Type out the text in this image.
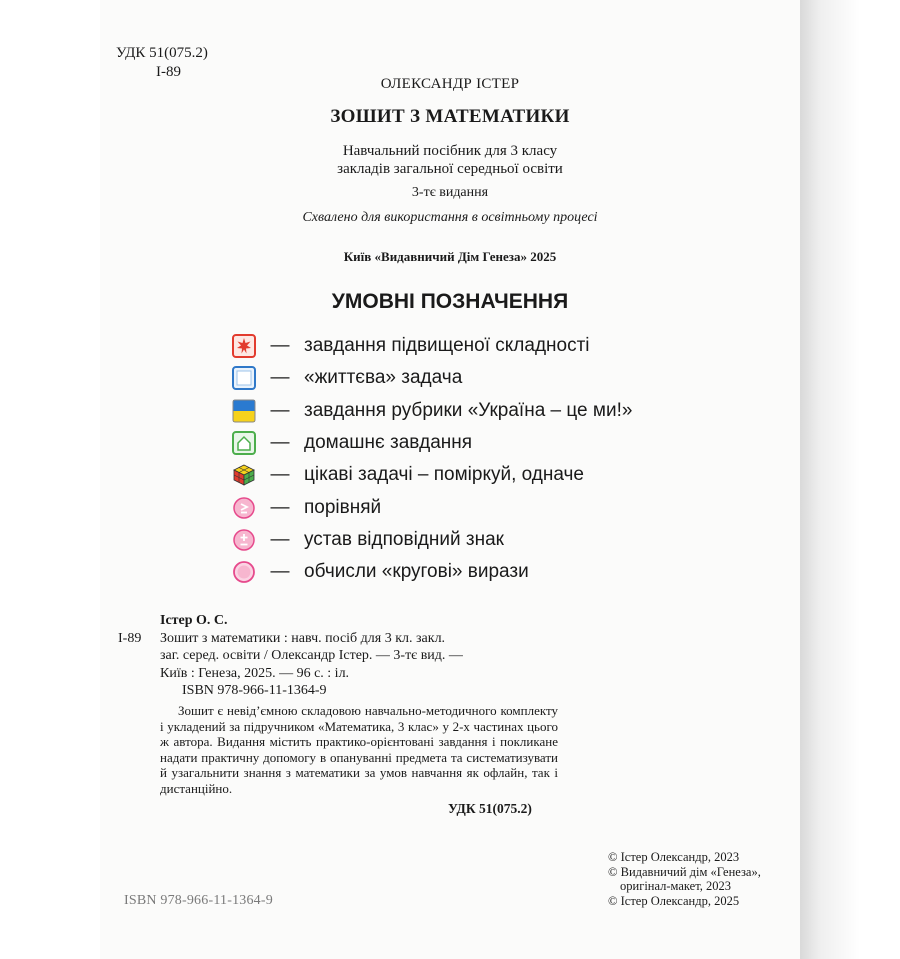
УДК 51(075.2)
І-89
ОЛЕКСАНДР ІСТЕР
ЗОШИТ З МАТЕМАТИКИ
Навчальний посібник для 3 класу
закладів загальної середньої освіти
3-тє видання
Схвалено для використання в освітньому процесі
Київ «Видавничий Дім Генеза» 2025
УМОВНІ ПОЗНАЧЕННЯ
— завдання підвищеної складності
— «життєва» задача
— завдання рубрики «Україна – це ми!»
— домашнє завдання
— цікаві задачі – поміркуй, одначе
— порівняй
— устав відповідний знак
— обчисли «кругові» вирази
Істер О. С.
І-89	Зошит з математики : навч. посіб для 3 кл. закл.
заг. серед. освіти / Олександр Істер. — 3-тє вид. —
Київ : Генеза, 2025. — 96 с. : іл.
ISBN 978-966-11-1364-9
Зошит є невід’ємною складовою навчально-методичного комплекту і укладений за підручником «Математика, 3 клас» у 2-х частинах цього ж автора. Видання містить практико-орієнтовані завдання і покликане надати практичну допомогу в опануванні предмета та систематизувати й узагальнити знання з математики за умов навчання як офлайн, так і дистанційно.
УДК 51(075.2)
© Істер Олександр, 2023
© Видавничий дім «Генеза»,
оригінал-макет, 2023
© Істер Олександр, 2025
ISBN 978-966-11-1364-9
